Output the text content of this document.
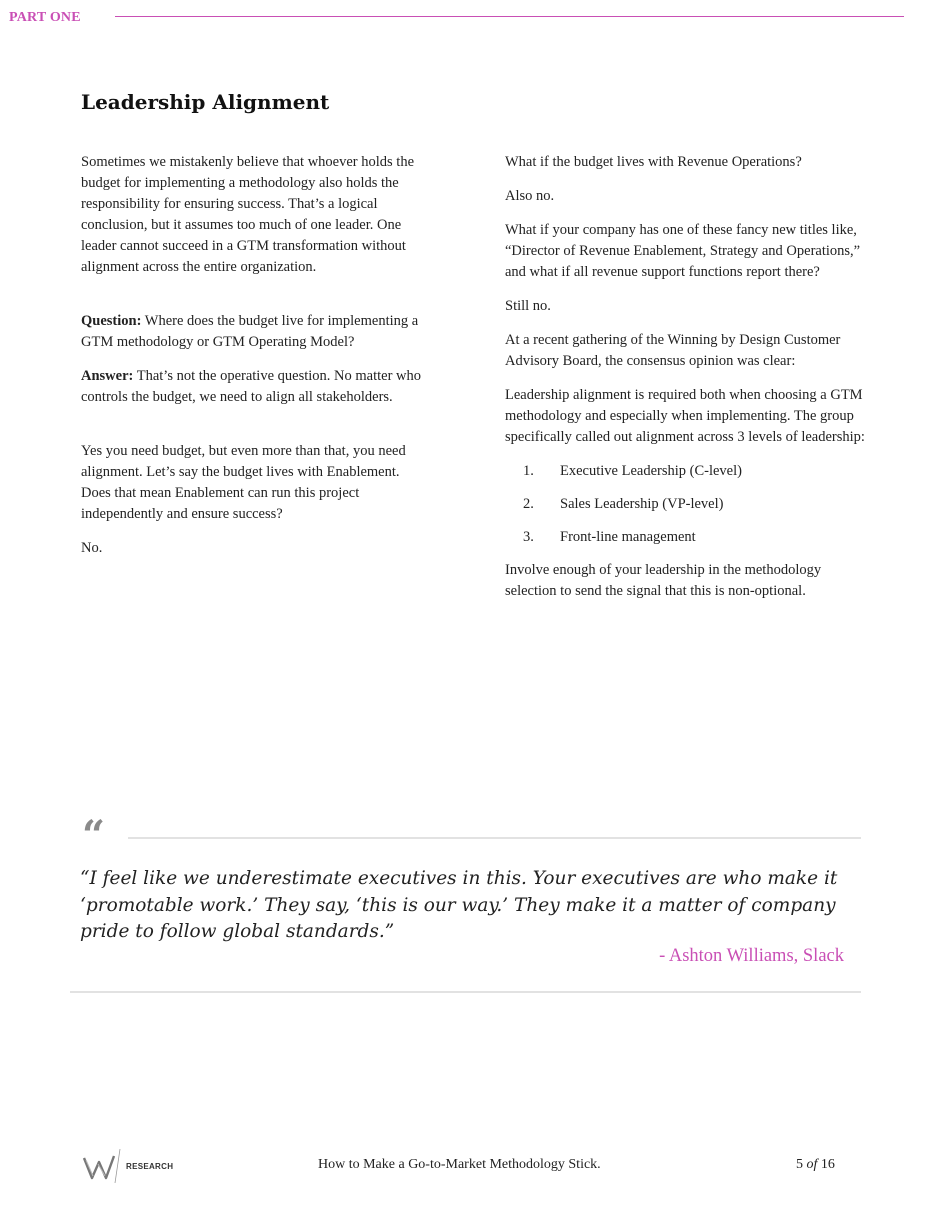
PART ONE
Leadership Alignment

Sometimes we mistakenly believe that whoever holds the budget for implementing a methodology also holds the responsibility for ensuring success. That’s a logical conclusion, but it assumes too much of one leader. One leader cannot succeed in a GTM transformation without alignment across the entire organization.

Question: Where does the budget live for implementing a GTM methodology or GTM Operating Model?

Answer: That’s not the operative question. No matter who controls the budget, we need to align all stakeholders.

Yes you need budget, but even more than that, you need alignment. Let’s say the budget lives with Enablement. Does that mean Enablement can run this project independently and ensure success?

No.

What if the budget lives with Revenue Operations?

Also no.

What if your company has one of these fancy new titles like, “Director of Revenue Enablement, Strategy and Operations,” and what if all revenue support functions report there?

Still no.

At a recent gathering of the Winning by Design Customer Advisory Board, the consensus opinion was clear:

Leadership alignment is required both when choosing a GTM methodology and especially when implementing. The group specifically called out alignment across 3 levels of leadership:

1. Executive Leadership (C-level)
2. Sales Leadership (VP-level)
3. Front-line management

Involve enough of your leadership in the methodology selection to send the signal that this is non-optional.

“
“I feel like we underestimate executives in this. Your executives are who make it ‘promotable work.’ They say, ‘this is our way.’ They make it a matter of company pride to follow global standards.”
- Ashton Williams, Slack
RESEARCH	How to Make a Go-to-Market Methodology Stick.	5 of 16
